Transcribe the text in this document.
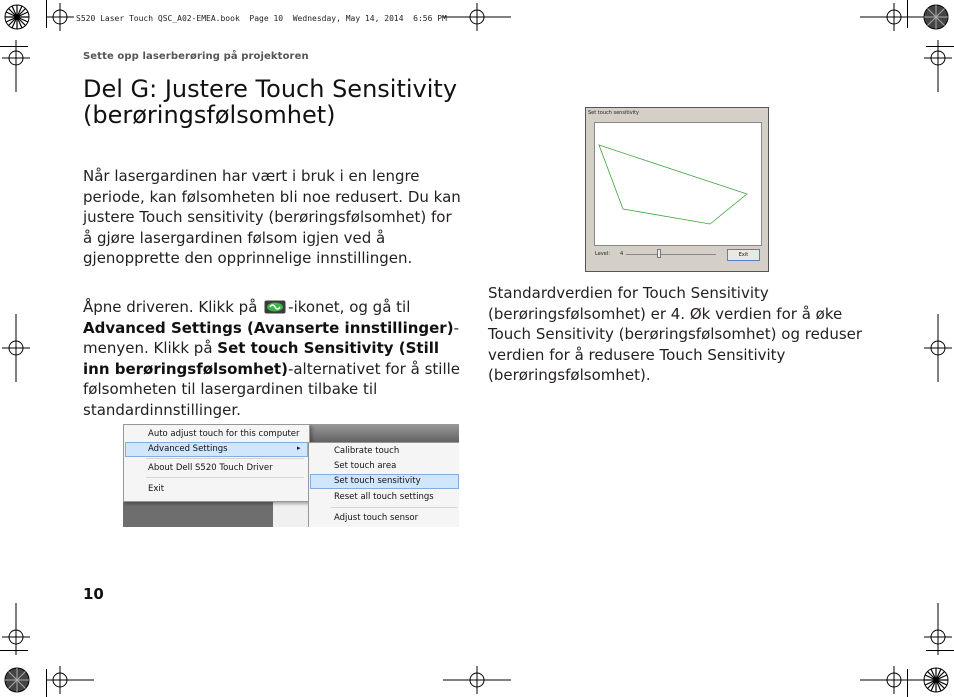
S520 Laser Touch QSC_A02-EMEA.book  Page 10  Wednesday, May 14, 2014  6:56 PM
Sette opp laserberøring på projektoren
Del G: Justere Touch Sensitivity (berøringsfølsomhet)

Når lasergardinen har vært i bruk i en lengre periode, kan følsomheten bli noe redusert. Du kan justere Touch sensitivity (berøringsfølsomhet) for å gjøre lasergardinen følsom igjen ved å gjenopprette den opprinnelige innstillingen.

Åpne driveren. Klikk på -ikonet, og gå til Advanced Settings (Avanserte innstillinger)-menyen. Klikk på Set touch Sensitivity (Still inn berøringsfølsomhet)-alternativet for å stille følsomheten til lasergardinen tilbake til standardinnstillinger.

Auto adjust touch for this computer
Advanced Settings	▸
About Dell S520 Touch Driver
Exit
Calibrate touch
Set touch area
Set touch sensitivity
Reset all touch settings
Adjust touch sensor
Set touch sensitivity
Level: 4	Exit

Standardverdien for Touch Sensitivity (berøringsfølsomhet) er 4. Øk verdien for å øke Touch Sensitivity (berøringsfølsomhet) og reduser verdien for å redusere Touch Sensitivity (berøringsfølsomhet).

10
